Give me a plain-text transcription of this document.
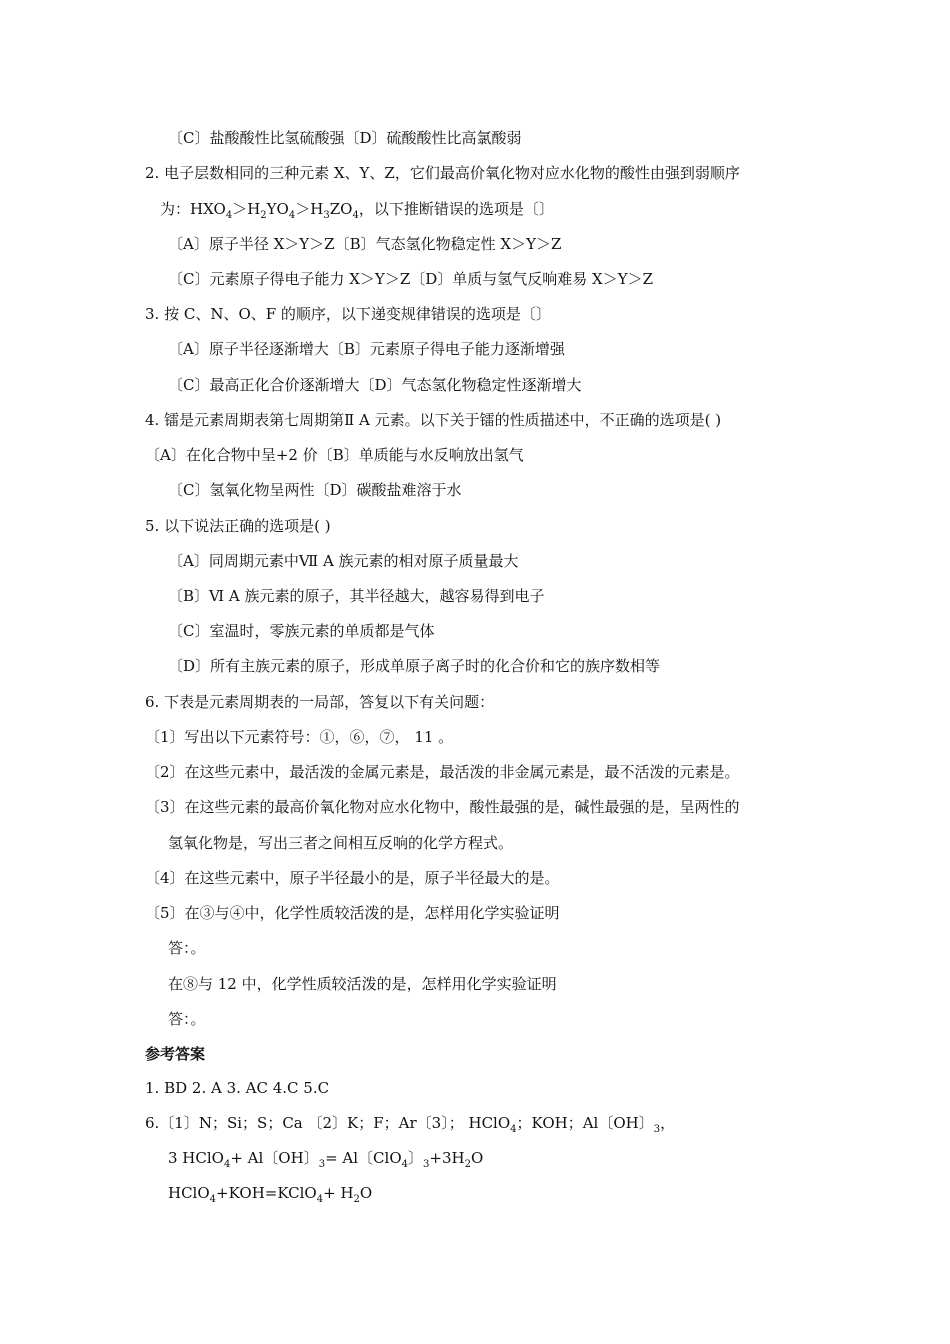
〔C〕盐酸酸性比氢硫酸强〔D〕硫酸酸性比高氯酸弱
2. 电子层数相同的三种元素 X、Y、Z，它们最高价氧化物对应水化物的酸性由强到弱顺序
为：$HXO_4>H_2YO_4>H_3ZO_4$，以下推断错误的选项是〔〕
〔A〕原子半径 X＞Y＞Z〔B〕气态氢化物稳定性 X＞Y＞Z
〔C〕元素原子得电子能力 X＞Y＞Z〔D〕单质与氢气反响难易 X＞Y＞Z
3. 按 C、N、O、F 的顺序，以下递变规律错误的选项是〔〕
〔A〕原子半径逐渐增大〔B〕元素原子得电子能力逐渐增强
〔C〕最高正化合价逐渐增大〔D〕气态氢化物稳定性逐渐增大
4. 镭是元素周期表第七周期第Ⅱ A 元素。以下关于镭的性质描述中，不正确的选项是( )
〔A〕在化合物中呈+2 价〔B〕单质能与水反响放出氢气
〔C〕氢氧化物呈两性〔D〕碳酸盐难溶于水
5. 以下说法正确的选项是( )
〔A〕同周期元素中Ⅶ A 族元素的相对原子质量最大
〔B〕Ⅵ A 族元素的原子，其半径越大，越容易得到电子
〔C〕室温时，零族元素的单质都是气体
〔D〕所有主族元素的原子，形成单原子离子时的化合价和它的族序数相等
6. 下表是元素周期表的一局部，答复以下有关问题：
〔1〕写出以下元素符号：①，⑥，⑦， 11 。
〔2〕在这些元素中，最活泼的金属元素是，最活泼的非金属元素是，最不活泼的元素是。
〔3〕在这些元素的最高价氧化物对应水化物中，酸性最强的是，碱性最强的是，呈两性的
氢氧化物是，写出三者之间相互反响的化学方程式。
〔4〕在这些元素中，原子半径最小的是，原子半径最大的是。
〔5〕在③与④中，化学性质较活泼的是，怎样用化学实验证明
答：。
在⑧与 12 中，化学性质较活泼的是，怎样用化学实验证明
答：。
参考答案
1. BD 2. A 3. AC 4.C 5.C
6.〔1〕N；Si；S；Ca 〔2〕K；F；Ar〔3〕； HClO$_4$；KOH；Al〔OH〕$_3$，
3 HClO$_4$+ Al〔OH〕$_3$= Al〔ClO$_4$〕$_3+3H_2O$
HClO$_4$+KOH=KClO$_4$+ $H_2O$
